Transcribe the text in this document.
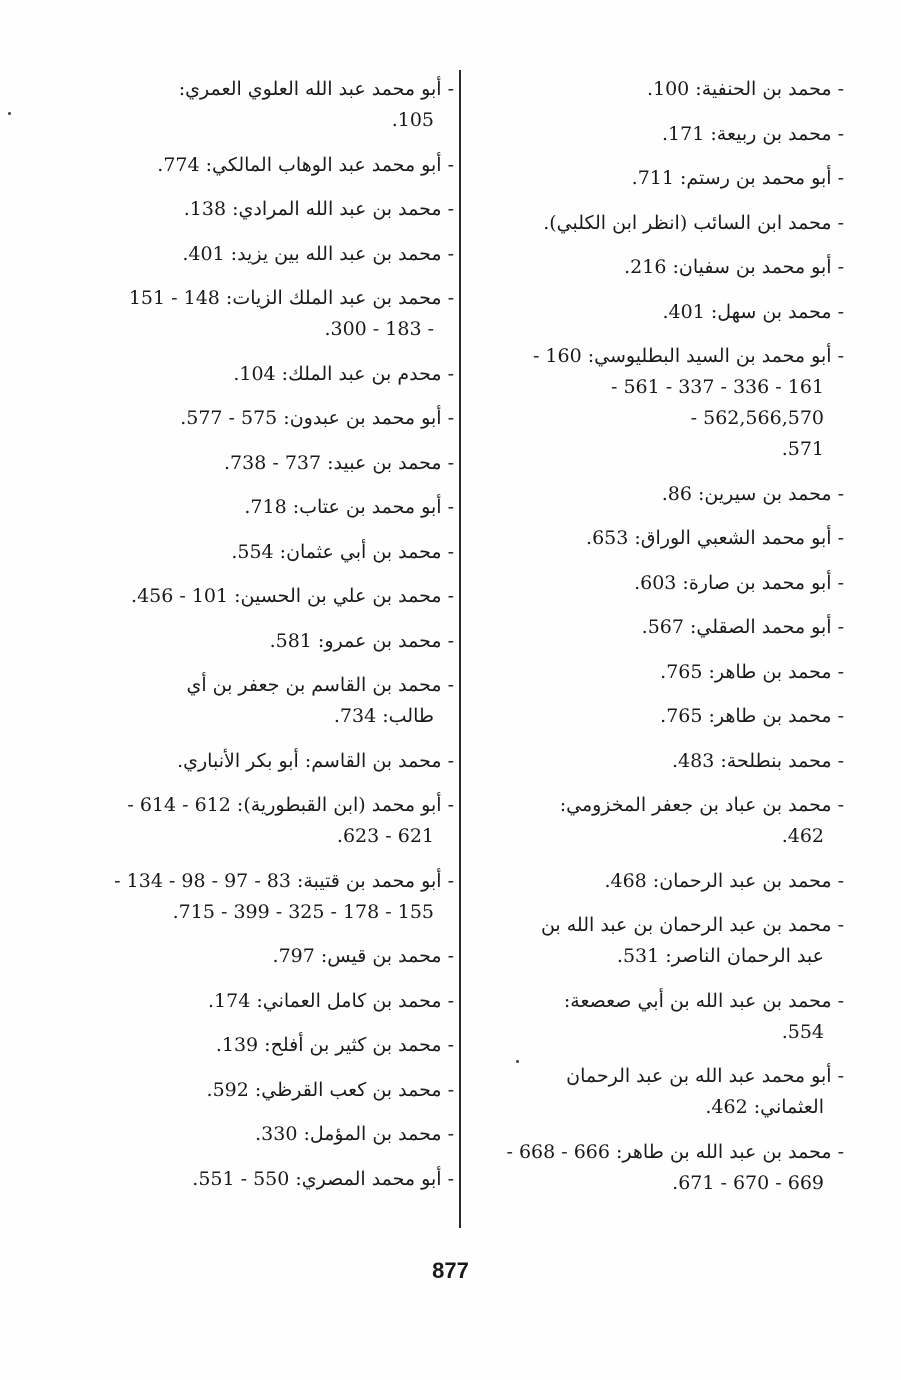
- محمد بن الحنفية: 100.
- محمد بن ربيعة: 171.
- أبو محمد بن رستم: 711.
- محمد ابن السائب (انظر ابن الكلبي).
- أبو محمد بن سفيان: 216.
- محمد بن سهل: 401.
- أبو محمد بن السيد البطليوسي: 160 -
161 - 336 - 337 - 561 - 562,566,570 -
571.
- محمد بن سيرين: 86.
- أبو محمد الشعبي الوراق: 653.
- أبو محمد بن صارة: 603.
- أبو محمد الصقلي: 567.
- محمد بن طاهر: 765.
- محمد بن طاهر: 765.
- محمد بنطلحة: 483.
- محمد بن عباد بن جعفر المخزومي:
462.
- محمد بن عبد الرحمان: 468.
- محمد بن عبد الرحمان بن عبد الله بن
عبد الرحمان الناصر: 531.
- محمد بن عبد الله بن أبي صعصعة:
554.
- أبو محمد عبد الله بن عبد الرحمان
العثماني: 462.
- محمد بن عبد الله بن طاهر: 666 - 668 -
669 - 670 - 671.
- أبو محمد عبد الله العلوي العمري:
105.
- أبو محمد عبد الوهاب المالكي: 774.
- محمد بن عبد الله المرادي: 138.
- محمد بن عبد الله بين يزيد: 401.
- محمد بن عبد الملك الزيات: 148 - 151
- 183 - 300.
- محدم بن عبد الملك: 104.
- أبو محمد بن عبدون: 575 - 577.
- محمد بن عبيد: 737 - 738.
- أبو محمد بن عتاب: 718.
- محمد بن أبي عثمان: 554.
- محمد بن علي بن الحسين: 101 - 456.
- محمد بن عمرو: 581.
- محمد بن القاسم بن جعفر بن أي
طالب: 734.
- محمد بن القاسم: أبو بكر الأنباري.
- أبو محمد (ابن القبطورية): 612 - 614 -
621 - 623.
- أبو محمد بن قتيبة: 83 - 97 - 98 - 134 -
155 - 178 - 325 - 399 - 715.
- محمد بن قيس: 797.
- محمد بن كامل العماني: 174.
- محمد بن كثير بن أفلح: 139.
- محمد بن كعب القرظي: 592.
- محمد بن المؤمل: 330.
- أبو محمد المصري: 550 - 551.
877
